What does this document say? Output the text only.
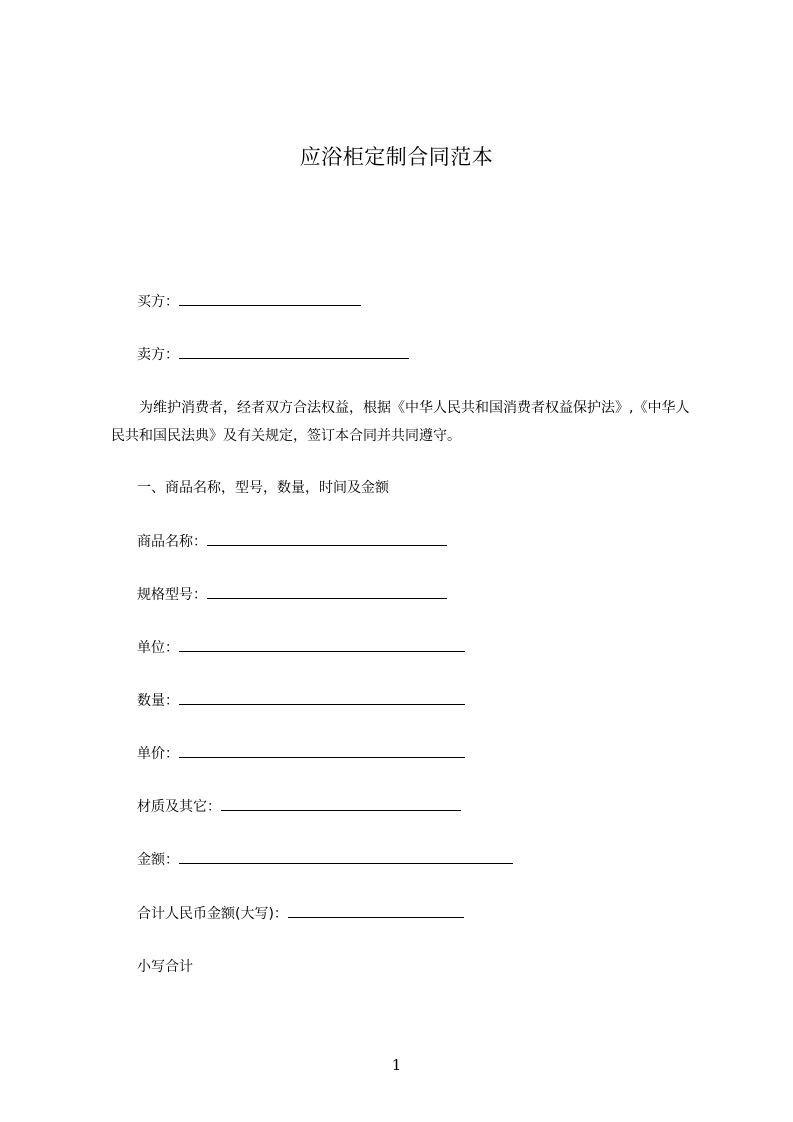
应浴柜定制合同范本
买方：
卖方：
为维护消费者，经者双方合法权益，根据《中华人民共和国消费者权益保护法》,《中华人民共和国民法典》及有关规定，签订本合同并共同遵守。
一、商品名称，型号，数量，时间及金额
商品名称：
规格型号：
单位：
数量：
单价：
材质及其它：
金额：
合计人民币金额(大写)：
小写合计
1
